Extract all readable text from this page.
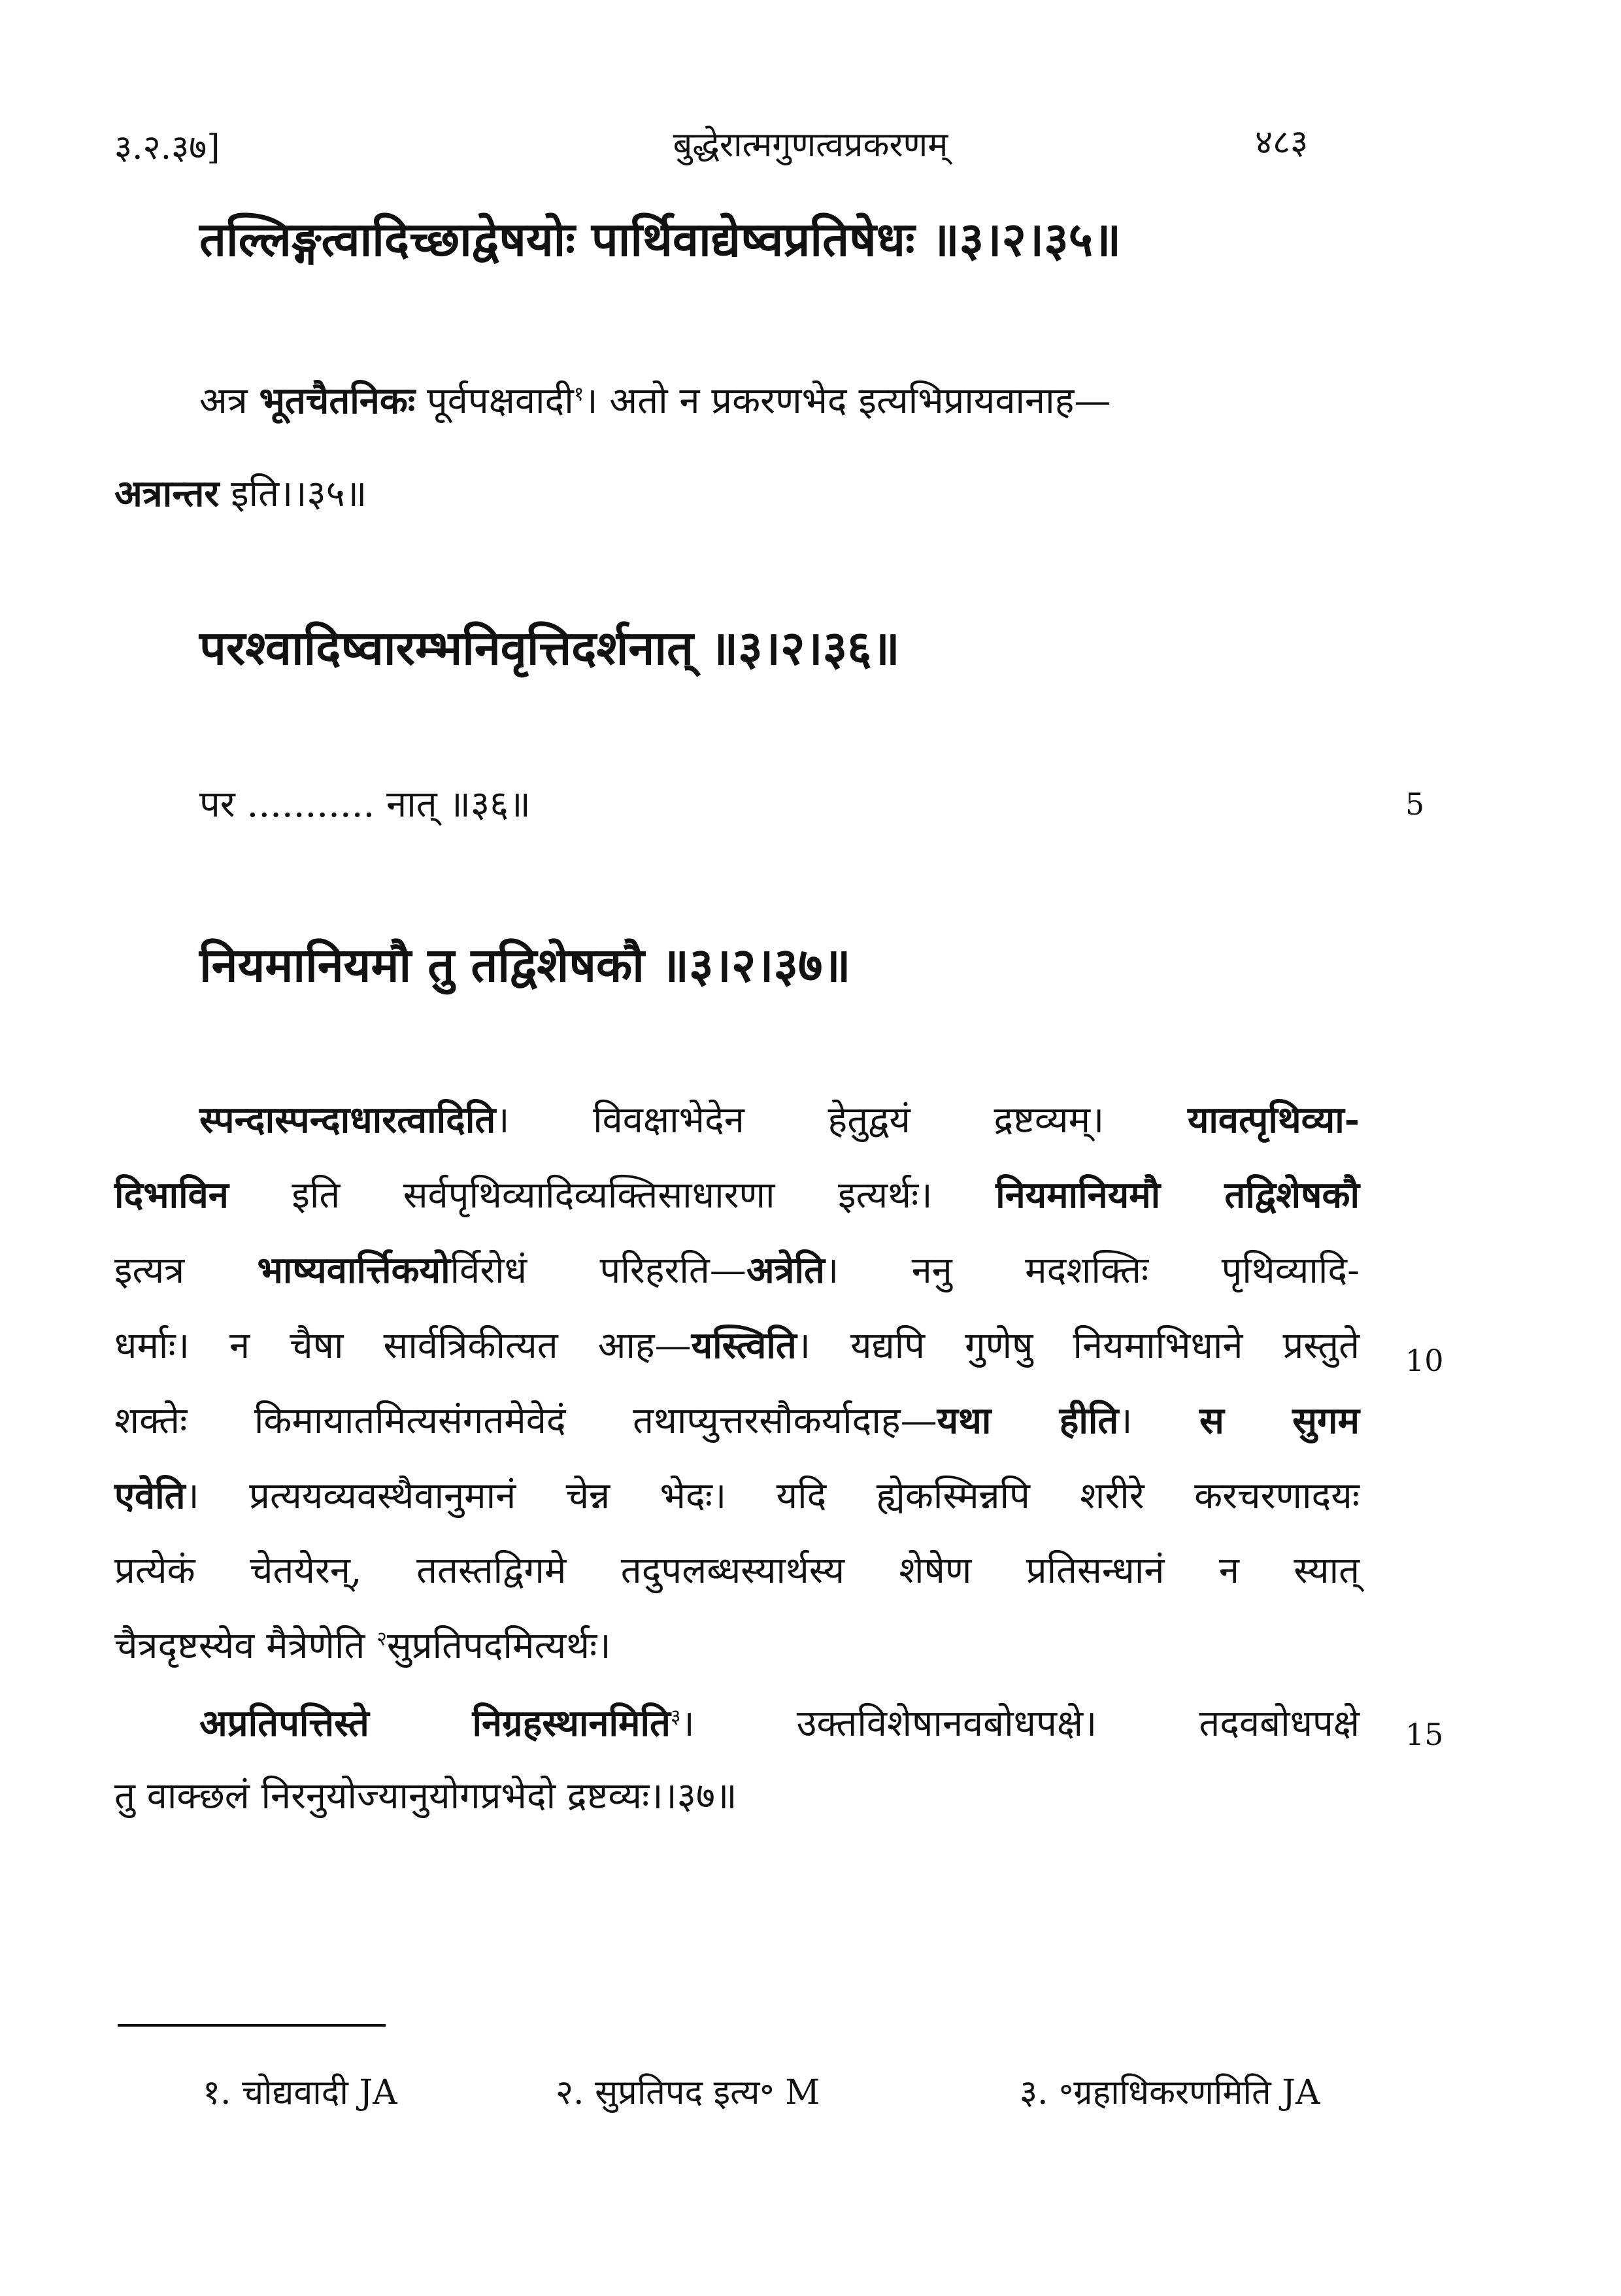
३.२.३७]	बुद्धेरात्मगुणत्वप्रकरणम्	४८३
तल्लिङ्गत्वादिच्छाद्वेषयोः पार्थिवाद्येष्वप्रतिषेधः ॥३।२।३५॥
अत्र भूतचैतनिकः पूर्वपक्षवादी$^१$। अतो न प्रकरणभेद इत्यभिप्रायवानाह—
अत्रान्तर इति।।३५॥
परश्वादिष्वारम्भनिवृत्तिदर्शनात् ॥३।२।३६॥
पर ........... नात् ॥३६॥	5
नियमानियमौ तु तद्विशेषकौ ॥३।२।३७॥
स्पन्दास्पन्दाधारत्वादिति। विवक्षाभेदेन हेतुद्वयं द्रष्टव्यम्। यावत्पृथिव्या-
दिभाविन इति सर्वपृथिव्यादिव्यक्तिसाधारणा इत्यर्थः। नियमानियमौ तद्विशेषकौ
इत्यत्र भाष्यवार्त्तिकयोर्विरोधं परिहरति—अत्रेति। ननु मदशक्तिः पृथिव्यादि-
धर्माः। न चैषा सार्वत्रिकीत्यत आह—यस्त्विति। यद्यपि गुणेषु नियमाभिधाने प्रस्तुते 10
शक्तेः किमायातमित्यसंगतमेवेदं तथाप्युत्तरसौकर्यादाह—यथा हीति। स सुगम
एवेति। प्रत्ययव्यवस्थैवानुमानं चेन्न भेदः। यदि ह्येकस्मिन्नपि शरीरे करचरणादयः
प्रत्येकं चेतयेरन्, ततस्तद्विगमे तदुपलब्धस्यार्थस्य शेषेण प्रतिसन्धानं न स्यात्
चैत्रदृष्टस्येव मैत्रेणेति $^२$सुप्रतिपदमित्यर्थः।
अप्रतिपत्तिस्ते निग्रहस्थानमिति$^३$। उक्तविशेषानवबोधपक्षे। तदवबोधपक्षे 15
तु वाक्छलं निरनुयोज्यानुयोगप्रभेदो द्रष्टव्यः।।३७॥
१. चोद्यवादी JA	२. सुप्रतिपद इत्य॰ M	३. ॰ग्रहाधिकरणमिति JA
